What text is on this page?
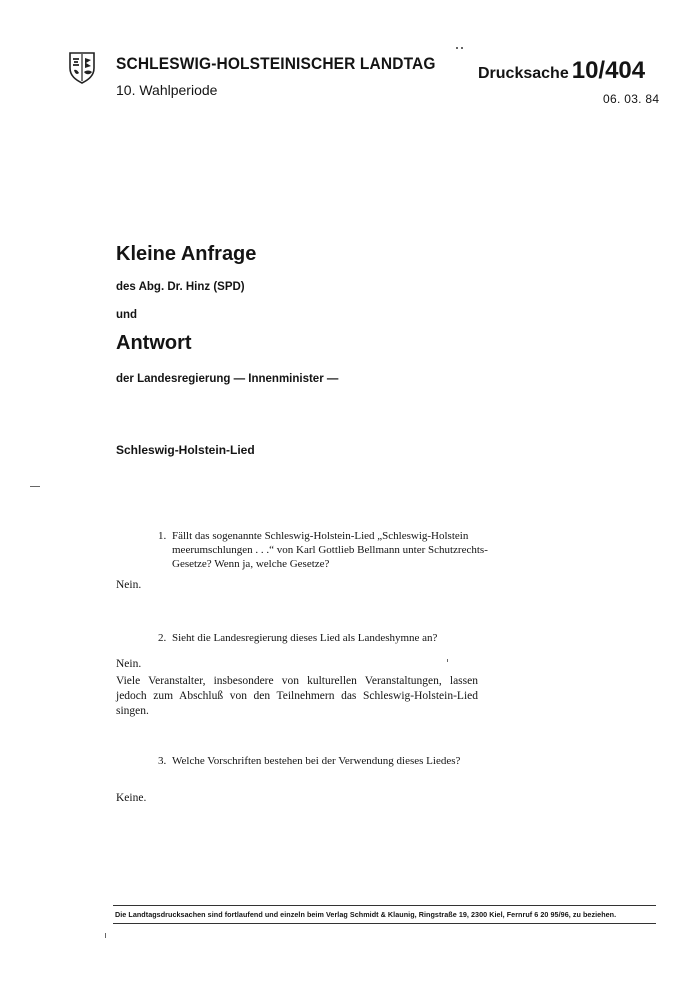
SCHLESWIG-HOLSTEINISCHER LANDTAG
10. Wahlperiode
Drucksache 10/404
06. 03. 84
Kleine Anfrage
des Abg. Dr. Hinz (SPD)
und
Antwort
der Landesregierung — Innenminister —
Schleswig-Holstein-Lied
1. Fällt das sogenannte Schleswig-Holstein-Lied „Schleswig-Holstein meerumschlungen . . .“ von Karl Gottlieb Bellmann unter Schutzrechts-Gesetze? Wenn ja, welche Gesetze?
Nein.
2. Sieht die Landesregierung dieses Lied als Landeshymne an?
Nein.
Viele Veranstalter, insbesondere von kulturellen Veranstaltungen, lassen jedoch zum Abschluß von den Teilnehmern das Schleswig-Holstein-Lied singen.
3. Welche Vorschriften bestehen bei der Verwendung dieses Liedes?
Keine.
Die Landtagsdrucksachen sind fortlaufend und einzeln beim Verlag Schmidt & Klaunig, Ringstraße 19, 2300 Kiel, Fernruf 6 20 95/96, zu beziehen.
